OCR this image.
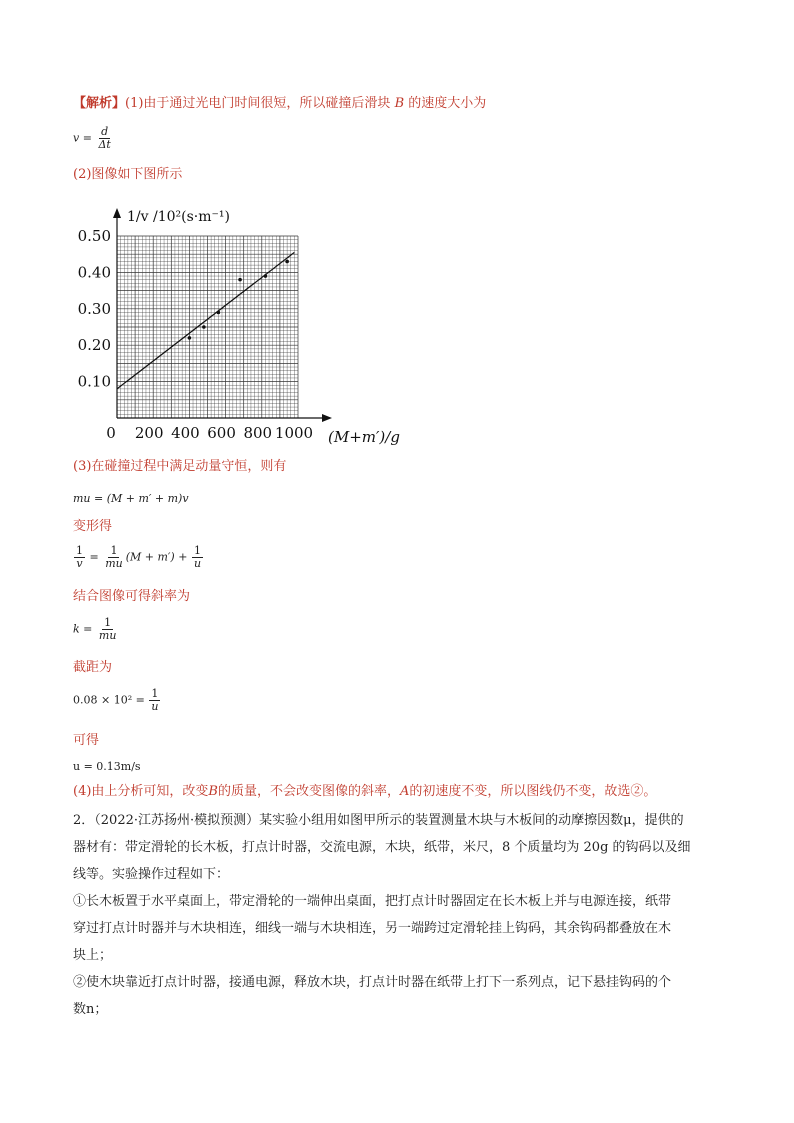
【解析】(1)由于通过光电门时间很短，所以碰撞后滑块 B 的速度大小为
$v = \frac{d}{\Delta t}$
(2)图像如下图所示
0.10
0.20
0.30
0.40
0.50
0 200 400 600 800 1000 (M+m′)/g
1/v /10²(s·m⁻¹)
(3)在碰撞过程中满足动量守恒，则有
mu = (M + m′ + m)v
变形得
$\frac{1}{v} = \frac{1}{mu} (M + m') + \frac{1}{u}$
结合图像可得斜率为
$k = \frac{1}{mu}$
截距为
$0.08 \times 10^2 = \frac{1}{u}$
可得
u = 0.13m/s
(4)由上分析可知，改变B的质量，不会改变图像的斜率，A的初速度不变，所以图线仍不变，故选②。
2．（2022·江苏扬州·模拟预测）某实验小组用如图甲所示的装置测量木块与木板间的动摩擦因数μ，提供的
器材有：带定滑轮的长木板，打点计时器，交流电源，木块，纸带，米尺，8 个质量均为 20g 的钩码以及细
线等。实验操作过程如下：
①长木板置于水平桌面上，带定滑轮的一端伸出桌面，把打点计时器固定在长木板上并与电源连接，纸带
穿过打点计时器并与木块相连，细线一端与木块相连，另一端跨过定滑轮挂上钩码，其余钩码都叠放在木
块上；
②使木块靠近打点计时器，接通电源，释放木块，打点计时器在纸带上打下一系列点，记下悬挂钩码的个
数n；
